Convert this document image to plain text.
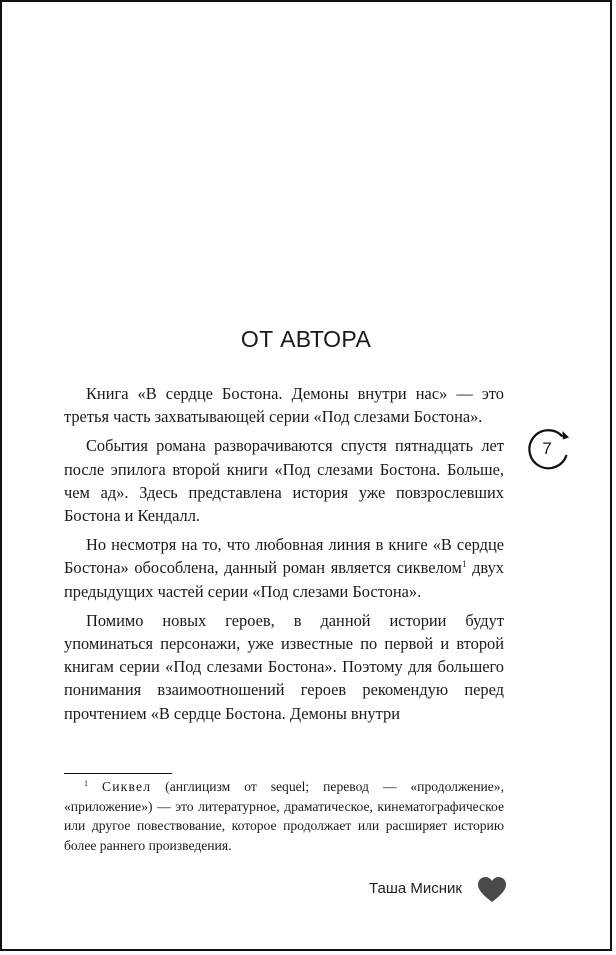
ОТ АВТОРА

Книга «В сердце Бостона. Демоны внутри нас» — это третья часть захватывающей серии «Под слезами Бостона».

События романа разворачиваются спустя пятнадцать лет после эпилога второй книги «Под слезами Бостона. Больше, чем ад». Здесь представлена история уже повзрослевших Бостона и Кендалл.

Но несмотря на то, что любовная линия в книге «В сердце Бостона» обособлена, данный роман является сиквелом$^1$ двух предыдущих частей серии «Под слезами Бостона».

Помимо новых героев, в данной истории будут упоминаться персонажи, уже известные по первой и второй книгам серии «Под слезами Бостона». Поэтому для большего понимания взаимоотношений героев рекомендую перед прочтением «В сердце Бостона. Демоны внутри

$^1$ Сиквел (англицизм от sequel; перевод — «продолжение», «приложение») — это литературное, драматическое, кинематографическое или другое повествование, которое продолжает или расширяет историю более раннего произведения.
7
Таша Мисник
